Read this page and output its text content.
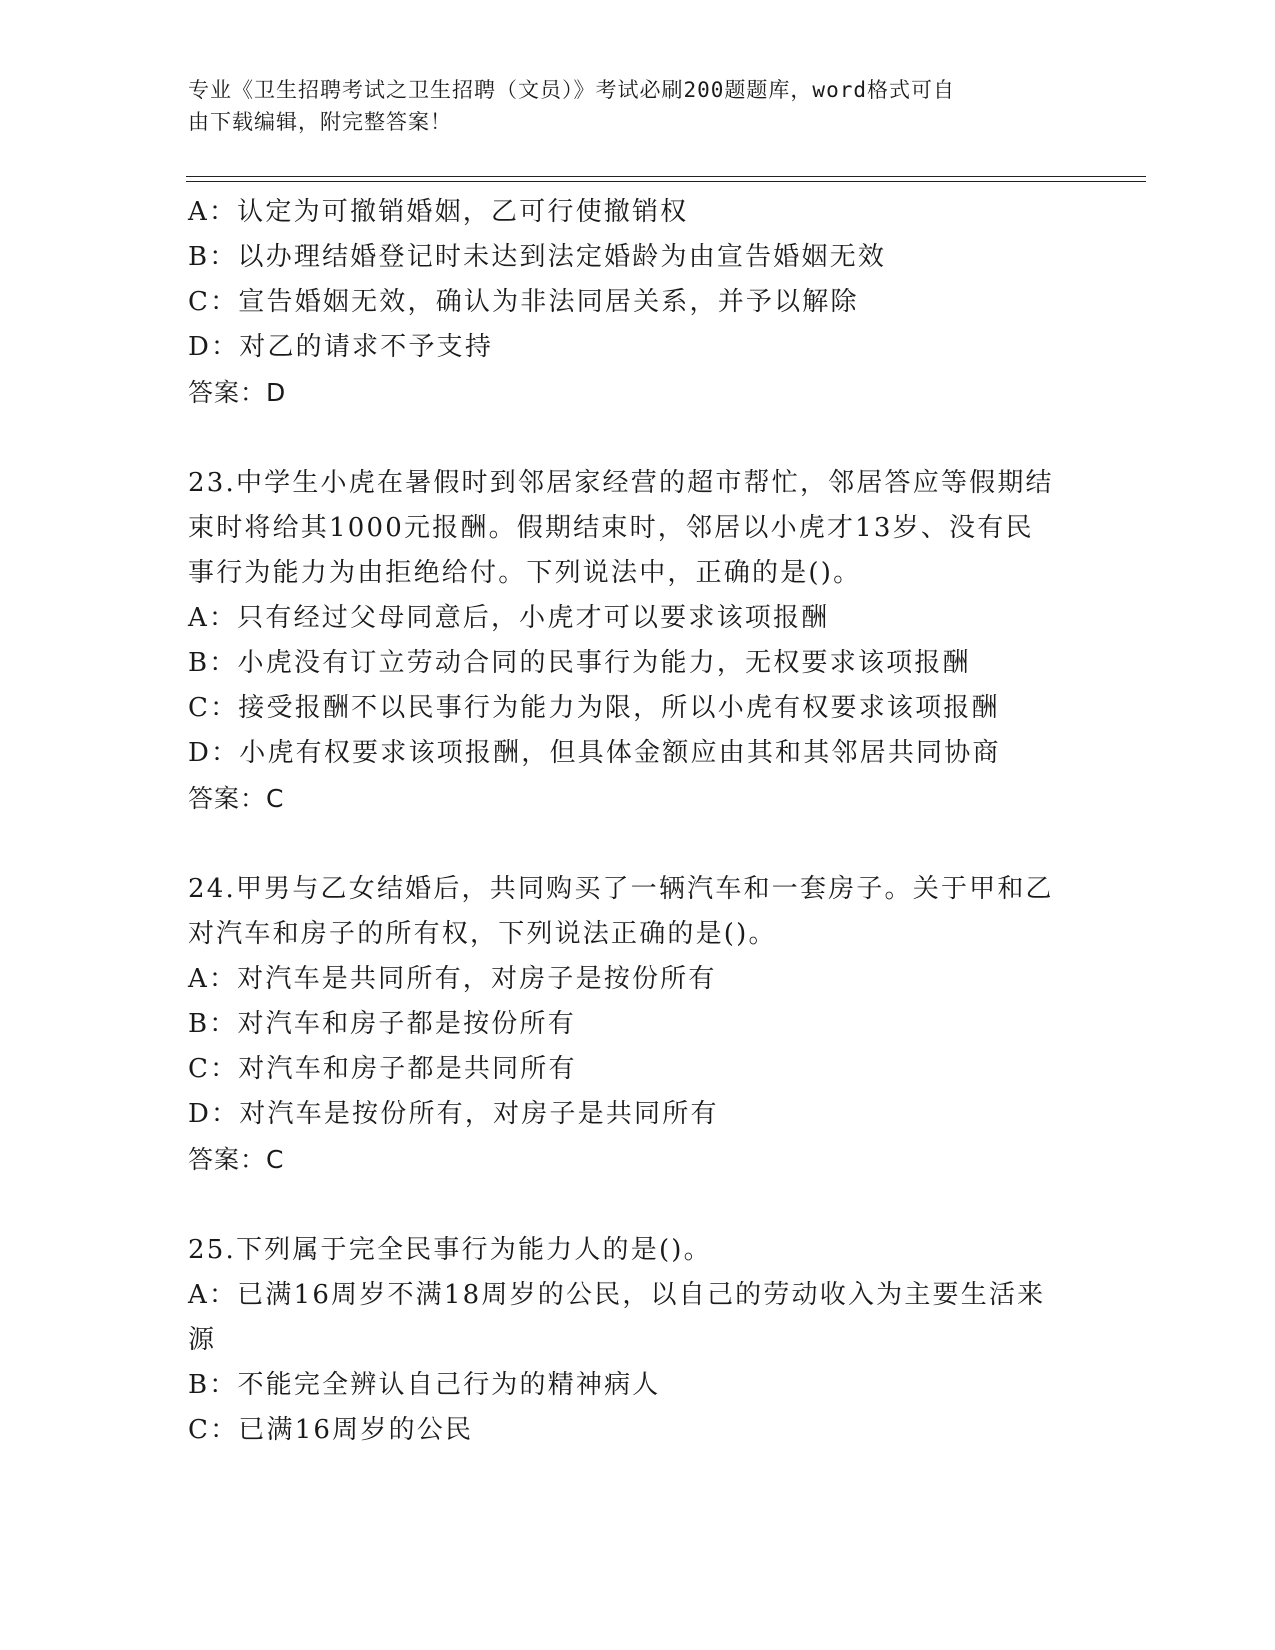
专业《卫生招聘考试之卫生招聘（文员）》考试必刷200题题库，word格式可自
由下载编辑，附完整答案！
A：认定为可撤销婚姻，乙可行使撤销权
B：以办理结婚登记时未达到法定婚龄为由宣告婚姻无效
C：宣告婚姻无效，确认为非法同居关系，并予以解除
D：对乙的请求不予支持
答案：D
23.中学生小虎在暑假时到邻居家经营的超市帮忙，邻居答应等假期结
束时将给其1000元报酬。假期结束时，邻居以小虎才13岁、没有民
事行为能力为由拒绝给付。下列说法中，正确的是()。
A：只有经过父母同意后，小虎才可以要求该项报酬
B：小虎没有订立劳动合同的民事行为能力，无权要求该项报酬
C：接受报酬不以民事行为能力为限，所以小虎有权要求该项报酬
D：小虎有权要求该项报酬，但具体金额应由其和其邻居共同协商
答案：C
24.甲男与乙女结婚后，共同购买了一辆汽车和一套房子。关于甲和乙
对汽车和房子的所有权，下列说法正确的是()。
A：对汽车是共同所有，对房子是按份所有
B：对汽车和房子都是按份所有
C：对汽车和房子都是共同所有
D：对汽车是按份所有，对房子是共同所有
答案：C
25.下列属于完全民事行为能力人的是()。
A：已满16周岁不满18周岁的公民，以自己的劳动收入为主要生活来
源
B：不能完全辨认自己行为的精神病人
C：已满16周岁的公民
